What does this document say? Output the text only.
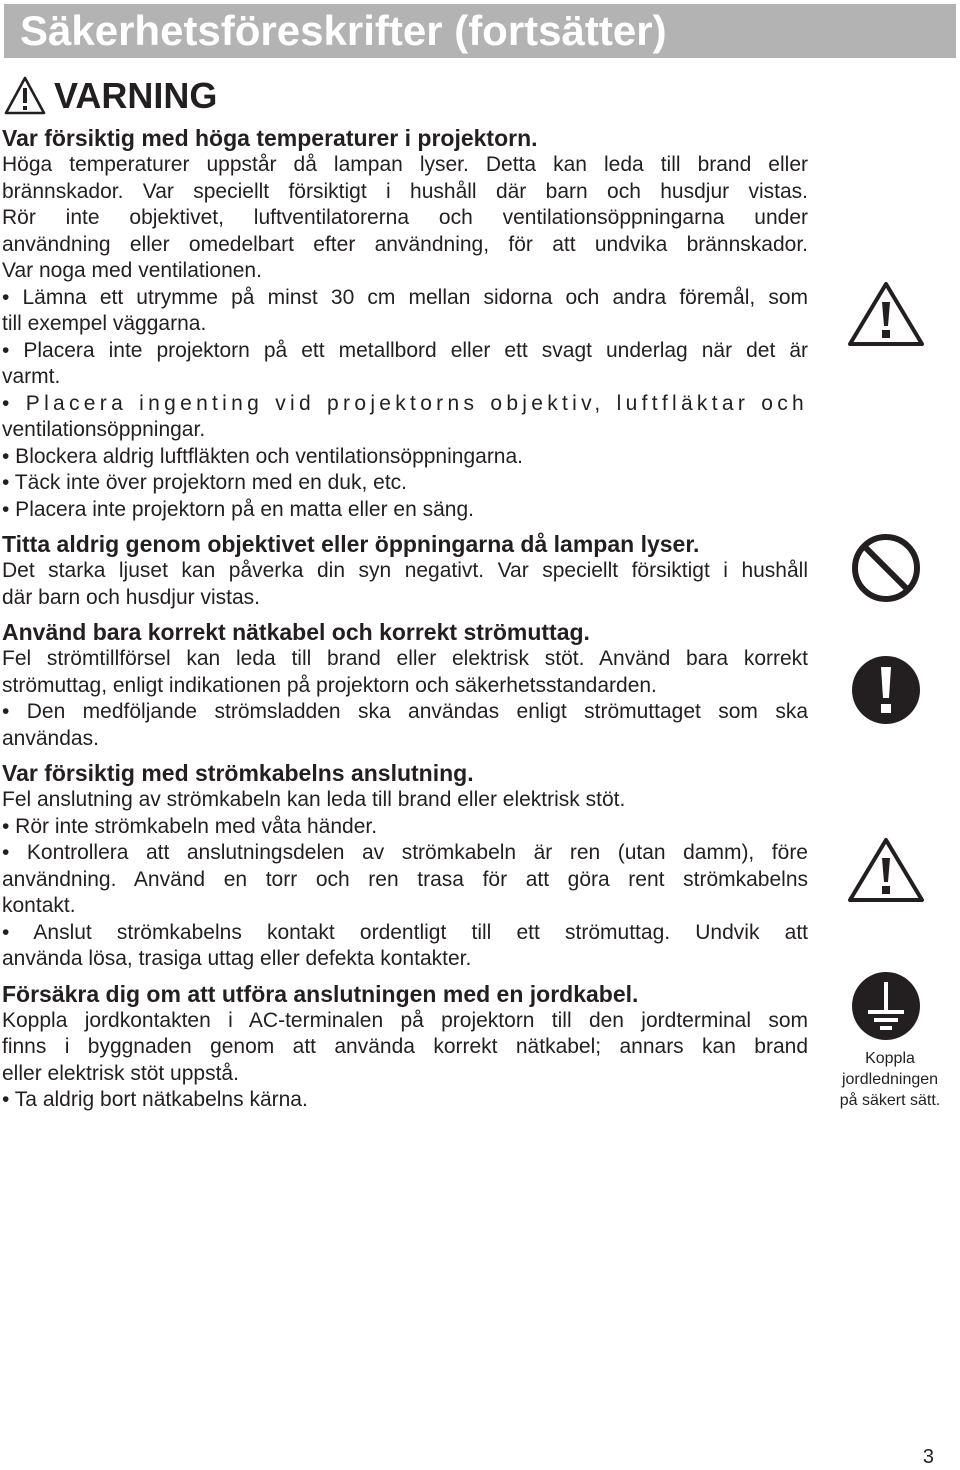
Säkerhetsföreskrifter (fortsätter)
VARNING

Var försiktig med höga temperaturer i projektorn.

Höga temperaturer uppstår då lampan lyser. Detta kan leda till brand eller

brännskador. Var speciellt försiktigt i hushåll där barn och husdjur vistas.

Rör inte objektivet, luftventilatorerna och ventilationsöppningarna under

användning eller omedelbart efter användning, för att undvika brännskador.

Var noga med ventilationen.

• Lämna ett utrymme på minst 30 cm mellan sidorna och andra föremål, som

till exempel väggarna.

• Placera inte projektorn på ett metallbord eller ett svagt underlag när det är

varmt.

• Placera ingenting vid projektorns objektiv, luftfläktar och

ventilationsöppningar.

• Blockera aldrig luftfläkten och ventilationsöppningarna.

• Täck inte över projektorn med en duk, etc.

• Placera inte projektorn på en matta eller en säng.

Titta aldrig genom objektivet eller öppningarna då lampan lyser.

Det starka ljuset kan påverka din syn negativt. Var speciellt försiktigt i hushåll

där barn och husdjur vistas.

Använd bara korrekt nätkabel och korrekt strömuttag.

Fel strömtillförsel kan leda till brand eller elektrisk stöt. Använd bara korrekt

strömuttag, enligt indikationen på projektorn och säkerhetsstandarden.

• Den medföljande strömsladden ska användas enligt strömuttaget som ska

användas.

Var försiktig med strömkabelns anslutning.

Fel anslutning av strömkabeln kan leda till brand eller elektrisk stöt.

• Rör inte strömkabeln med våta händer.

• Kontrollera att anslutningsdelen av strömkabeln är ren (utan damm), före

användning. Använd en torr och ren trasa för att göra rent strömkabelns

kontakt.

• Anslut strömkabelns kontakt ordentligt till ett strömuttag. Undvik att

använda lösa, trasiga uttag eller defekta kontakter.

Försäkra dig om att utföra anslutningen med en jordkabel.

Koppla jordkontakten i AC-terminalen på projektorn till den jordterminal som

finns i byggnaden genom att använda korrekt nätkabel; annars kan brand

eller elektrisk stöt uppstå.

• Ta aldrig bort nätkabelns kärna.

Koppla
jordledningen
på säkert sätt.
3
